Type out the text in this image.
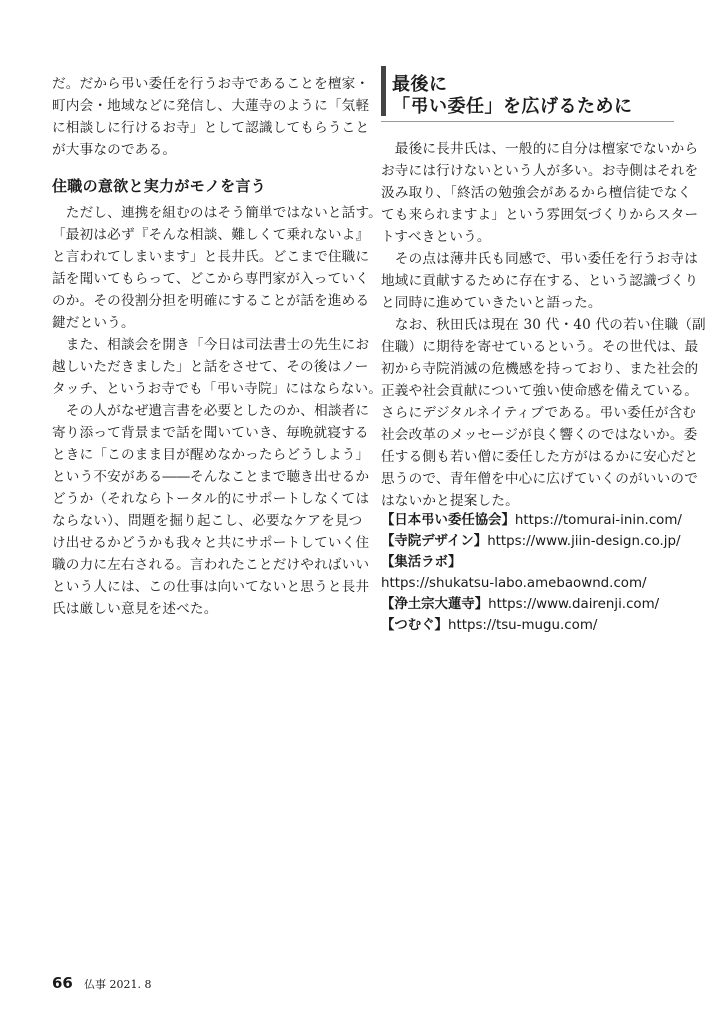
だ。だから弔い委任を行うお寺であることを檀家・
町内会・地域などに発信し、大蓮寺のように「気軽
に相談しに行けるお寺」として認識してもらうこと
が大事なのである。
住職の意欲と実力がモノを言う
　ただし、連携を組むのはそう簡単ではないと話す。
「最初は必ず『そんな相談、難しくて乗れないよ』
と言われてしまいます」と長井氏。どこまで住職に
話を聞いてもらって、どこから専門家が入っていく
のか。その役割分担を明確にすることが話を進める
鍵だという。
　また、相談会を開き「今日は司法書士の先生にお
越しいただきました」と話をさせて、その後はノー
タッチ、というお寺でも「弔い寺院」にはならない。
　その人がなぜ遺言書を必要としたのか、相談者に
寄り添って背景まで話を聞いていき、毎晩就寝する
ときに「このまま目が醒めなかったらどうしよう」
という不安がある――そんなことまで聴き出せるか
どうか（それならトータル的にサポートしなくては
ならない）、問題を掘り起こし、必要なケアを見つ
け出せるかどうかも我々と共にサポートしていく住
職の力に左右される。言われたことだけやればいい
という人には、この仕事は向いてないと思うと長井
氏は厳しい意見を述べた。
最後に
「弔い委任」を広げるために
　最後に長井氏は、一般的に自分は檀家でないから
お寺には行けないという人が多い。お寺側はそれを
汲み取り、「終活の勉強会があるから檀信徒でなく
ても来られますよ」という雰囲気づくりからスター
トすべきという。
　その点は薄井氏も同感で、弔い委任を行うお寺は
地域に貢献するために存在する、という認識づくり
と同時に進めていきたいと語った。
　なお、秋田氏は現在 30 代・40 代の若い住職（副
住職）に期待を寄せているという。その世代は、最
初から寺院消滅の危機感を持っており、また社会的
正義や社会貢献について強い使命感を備えている。
さらにデジタルネイティブである。弔い委任が含む
社会改革のメッセージが良く響くのではないか。委
任する側も若い僧に委任した方がはるかに安心だと
思うので、青年僧を中心に広げていくのがいいので
はないかと提案した。
【日本弔い委任協会】https://tomurai-inin.com/
【寺院デザイン】https://www.jiin-design.co.jp/
【集活ラボ】
https://shukatsu-labo.amebaownd.com/
【浄土宗大蓮寺】https://www.dairenji.com/
【つむぐ】https://tsu-mugu.com/
66 仏事 2021. 8
